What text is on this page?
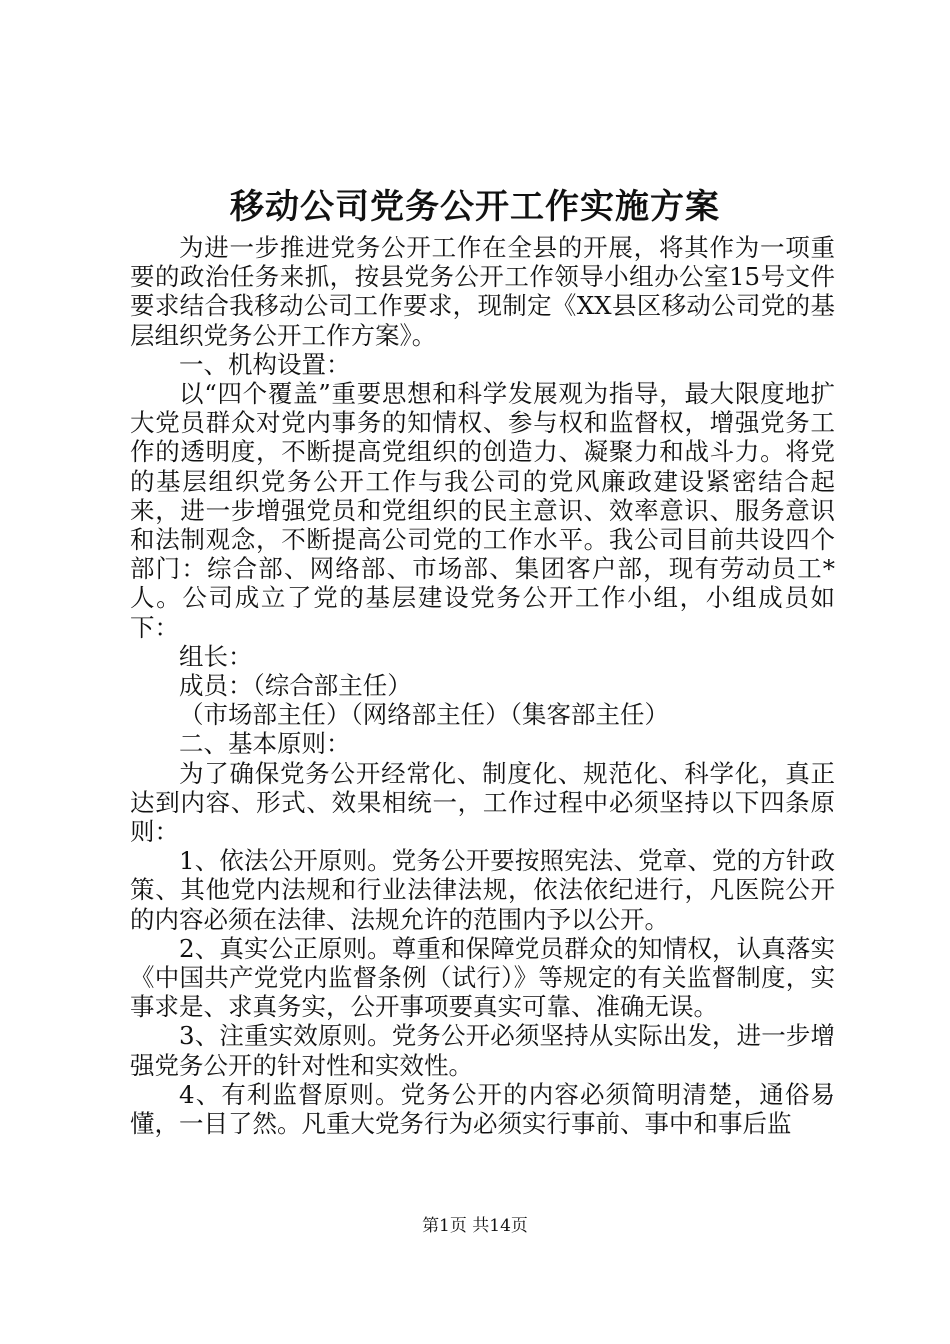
移动公司党务公开工作实施方案

为进一步推进党务公开工作在全县的开展，将其作为一项重要的政治任务来抓，按县党务公开工作领导小组办公室15号文件要求结合我移动公司工作要求，现制定《XX县区移动公司党的基层组织党务公开工作方案》。

一、机构设置：

以“四个覆盖”重要思想和科学发展观为指导，最大限度地扩大党员群众对党内事务的知情权、参与权和监督权，增强党务工作的透明度，不断提高党组织的创造力、凝聚力和战斗力。将党的基层组织党务公开工作与我公司的党风廉政建设紧密结合起来，进一步增强党员和党组织的民主意识、效率意识、服务意识和法制观念，不断提高公司党的工作水平。我公司目前共设四个部门：综合部、网络部、市场部、集团客户部，现有劳动员工*人。公司成立了党的基层建设党务公开工作小组，小组成员如下：

组长：

成员：（综合部主任）

（市场部主任）（网络部主任）（集客部主任）

二、基本原则：

为了确保党务公开经常化、制度化、规范化、科学化，真正达到内容、形式、效果相统一，工作过程中必须坚持以下四条原则：

1、依法公开原则。党务公开要按照宪法、党章、党的方针政策、其他党内法规和行业法律法规，依法依纪进行，凡医院公开的内容必须在法律、法规允许的范围内予以公开。

2、真实公正原则。尊重和保障党员群众的知情权，认真落实《中国共产党党内监督条例（试行）》等规定的有关监督制度，实事求是、求真务实，公开事项要真实可靠、准确无误。

3、注重实效原则。党务公开必须坚持从实际出发，进一步增强党务公开的针对性和实效性。

4、有利监督原则。党务公开的内容必须简明清楚，通俗易懂，一目了然。凡重大党务行为必须实行事前、事中和事后监

第1页 共14页
